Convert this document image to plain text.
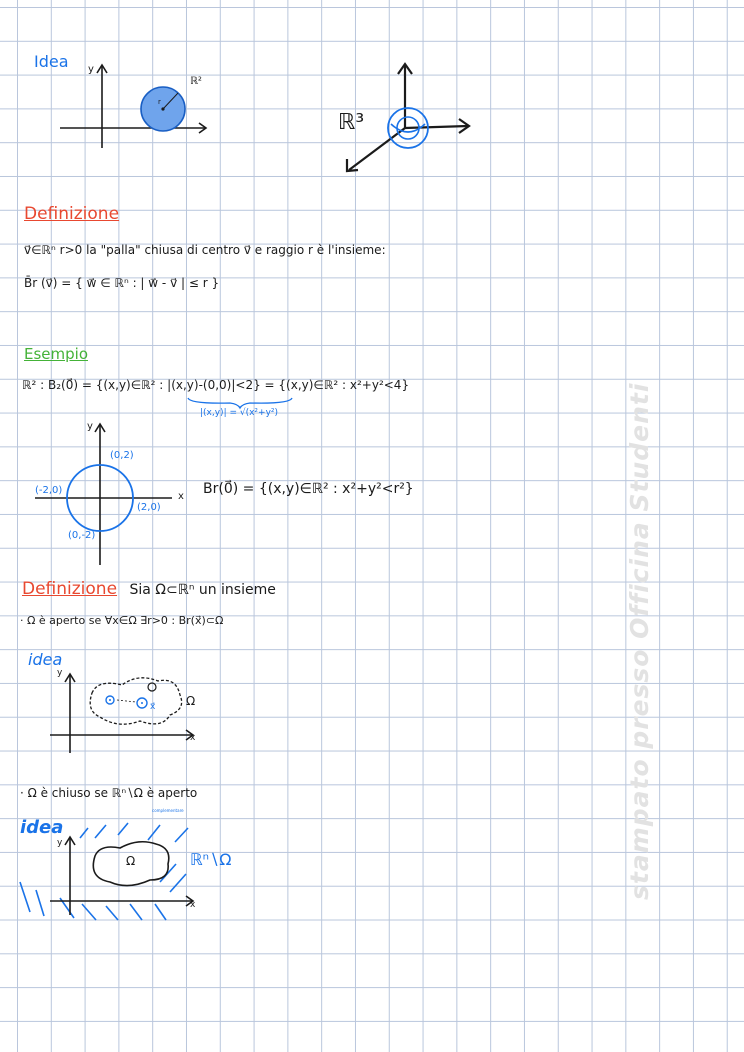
Idea y
ℝ²
r
ℝ³
Definizione
v⃗∈ℝⁿ r>0 la "palla" chiusa di centro v⃗ e raggio r è l'insieme:
B̄r (v⃗) = { w⃗ ∈ ℝⁿ : | w⃗ - v⃗ | ≤ r }
Esempio
ℝ² : B₂(0⃗) = {(x,y)∈ℝ² : |(x,y)-(0,0)|<2} = {(x,y)∈ℝ² : x²+y²<4}
|(x,y)| = √(x²+y²)
y
x
(0,2)
(-2,0)
(2,0)
(0,-2)
Br(0⃗) = {(x,y)∈ℝ² : x²+y²<r²}
Definizione Sia Ω⊂ℝⁿ un insieme
· Ω è aperto se ∀x∈Ω ∃r>0 : Br(x⃗)⊂Ω
idea
Ω
y
x
x⃗
· Ω è chiuso se ℝⁿ∖Ω è aperto
complementare
idea
Ω
y
x
ℝⁿ∖Ω	stampato presso Officina Studenti
